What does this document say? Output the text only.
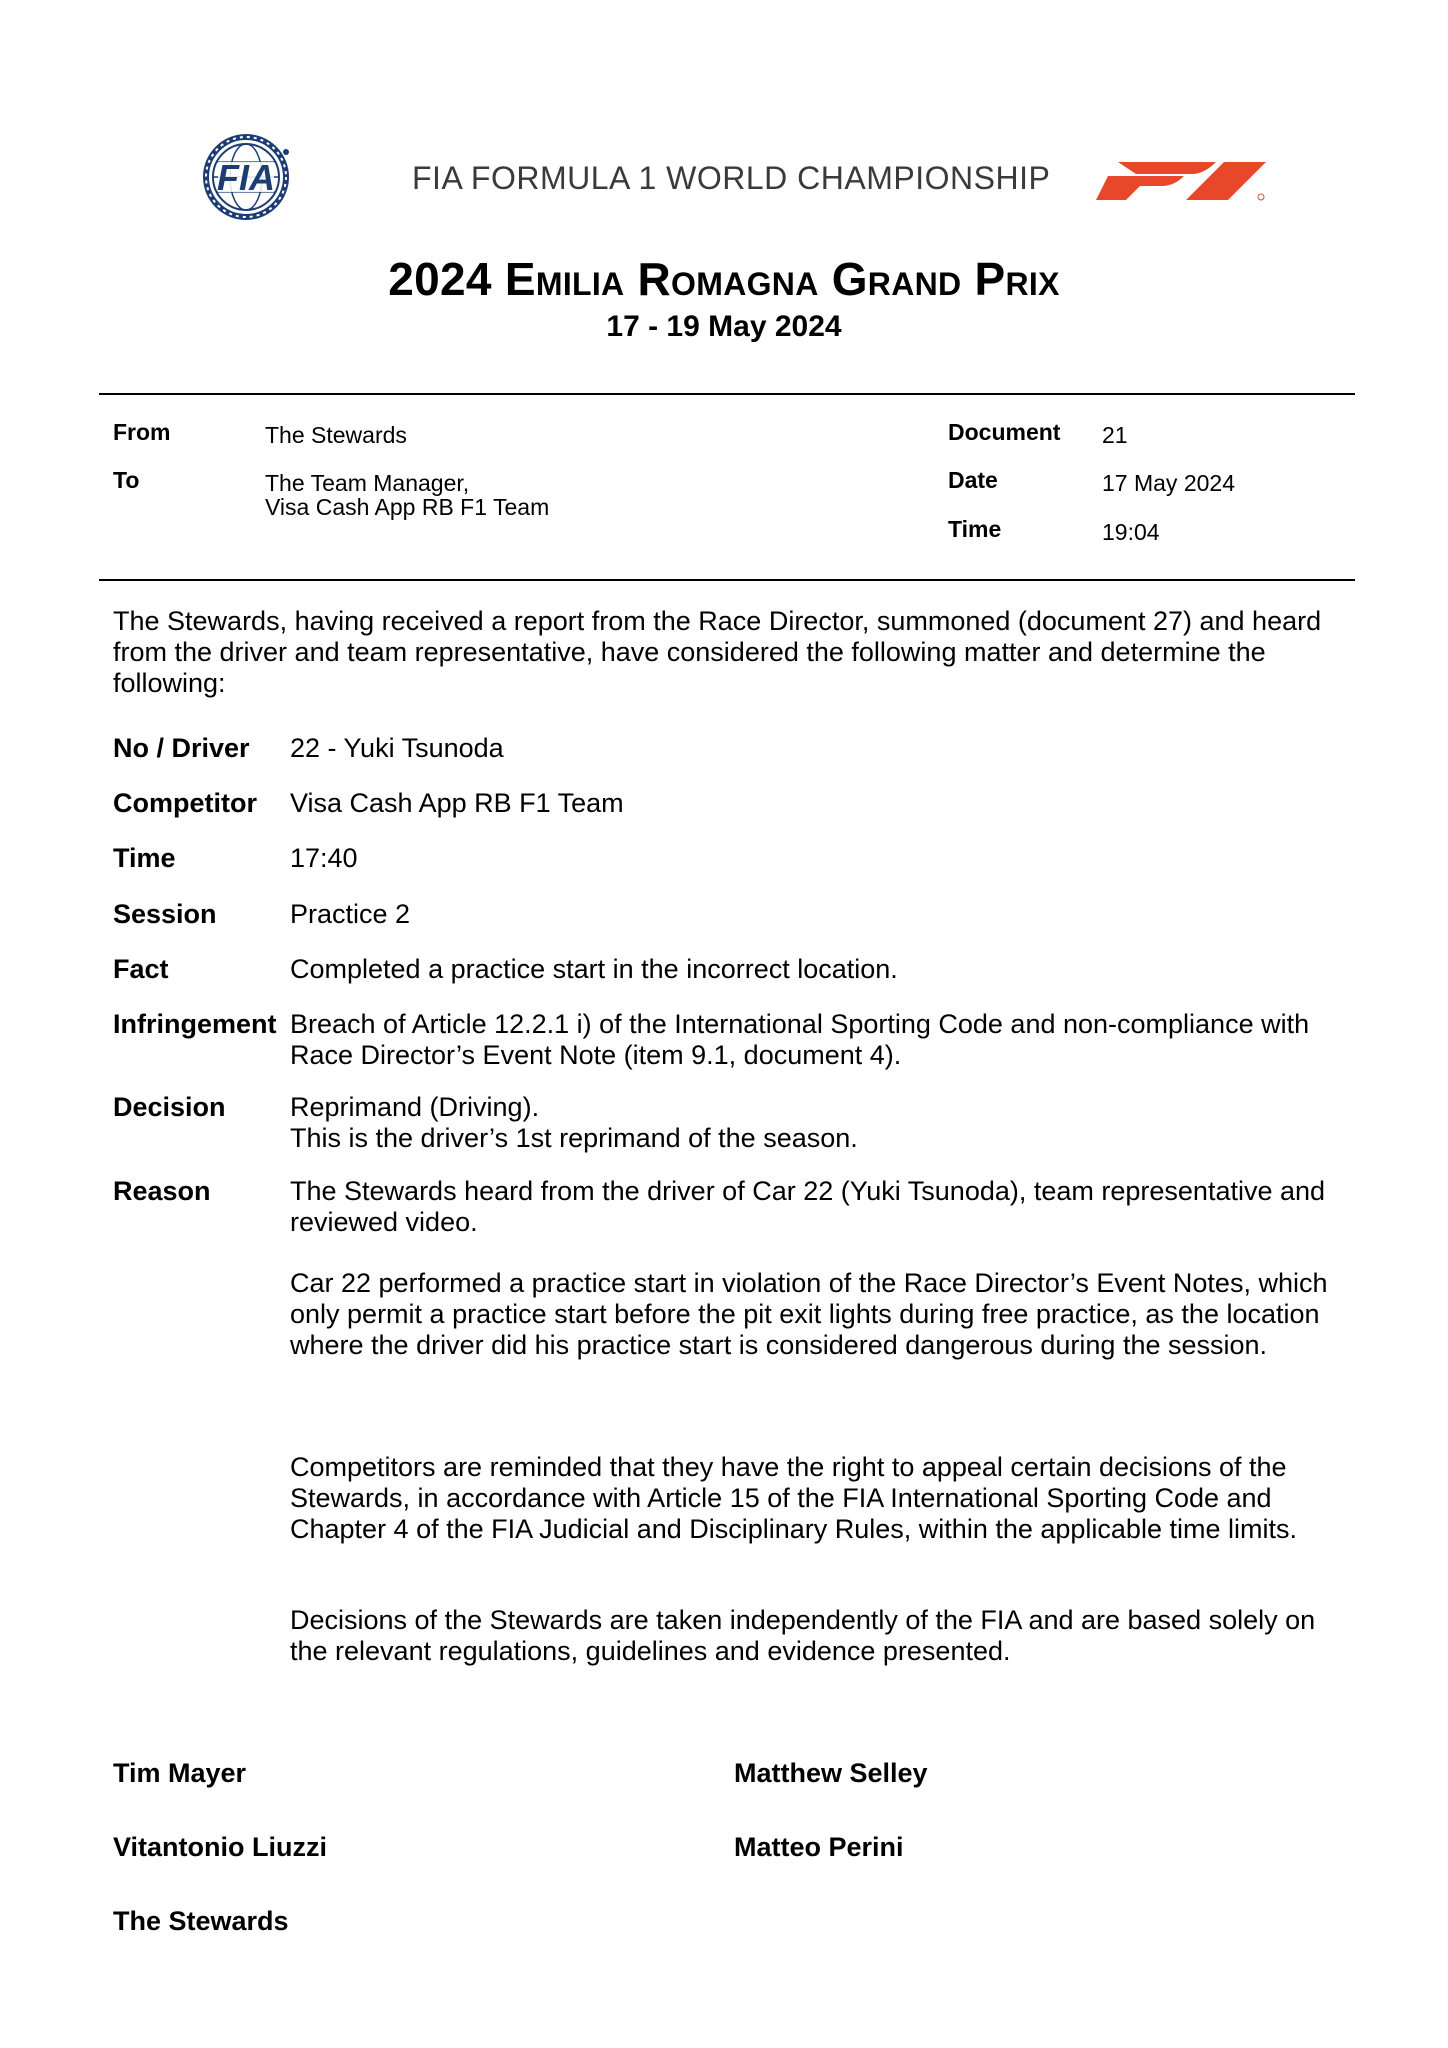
FIA	FIA FORMULA 1 WORLD CHAMPIONSHIP
2024 Emilia Romagna Grand Prix
17 - 19 May 2024
From	The Stewards
To	The Team Manager,
Visa Cash App RB F1 Team
Document 21
Date	17 May 2024
Time	19:04
The Stewards, having received a report from the Race Director, summoned (document 27) and heard from the driver and team representative, have considered the following matter and determine the following:
No / Driver 22 - Yuki Tsunoda
Competitor Visa Cash App RB F1 Team
Time	17:40
Session	Practice 2
Fact	Completed a practice start in the incorrect location.
Infringement Breach of Article 12.2.1 i) of the International Sporting Code and non-compliance with Race Director’s Event Note (item 9.1, document 4).
Decision Reprimand (Driving).
This is the driver’s 1st reprimand of the season.
Reason	The Stewards heard from the driver of Car 22 (Yuki Tsunoda), team representative and reviewed video.
Car 22 performed a practice start in violation of the Race Director’s Event Notes, which only permit a practice start before the pit exit lights during free practice, as the location where the driver did his practice start is considered dangerous during the session.
Competitors are reminded that they have the right to appeal certain decisions of the Stewards, in accordance with Article 15 of the FIA International Sporting Code and Chapter 4 of the FIA Judicial and Disciplinary Rules, within the applicable time limits.
Decisions of the Stewards are taken independently of the FIA and are based solely on the relevant regulations, guidelines and evidence presented.
Tim Mayer	Matthew Selley
Vitantonio Liuzzi	Matteo Perini
The Stewards
